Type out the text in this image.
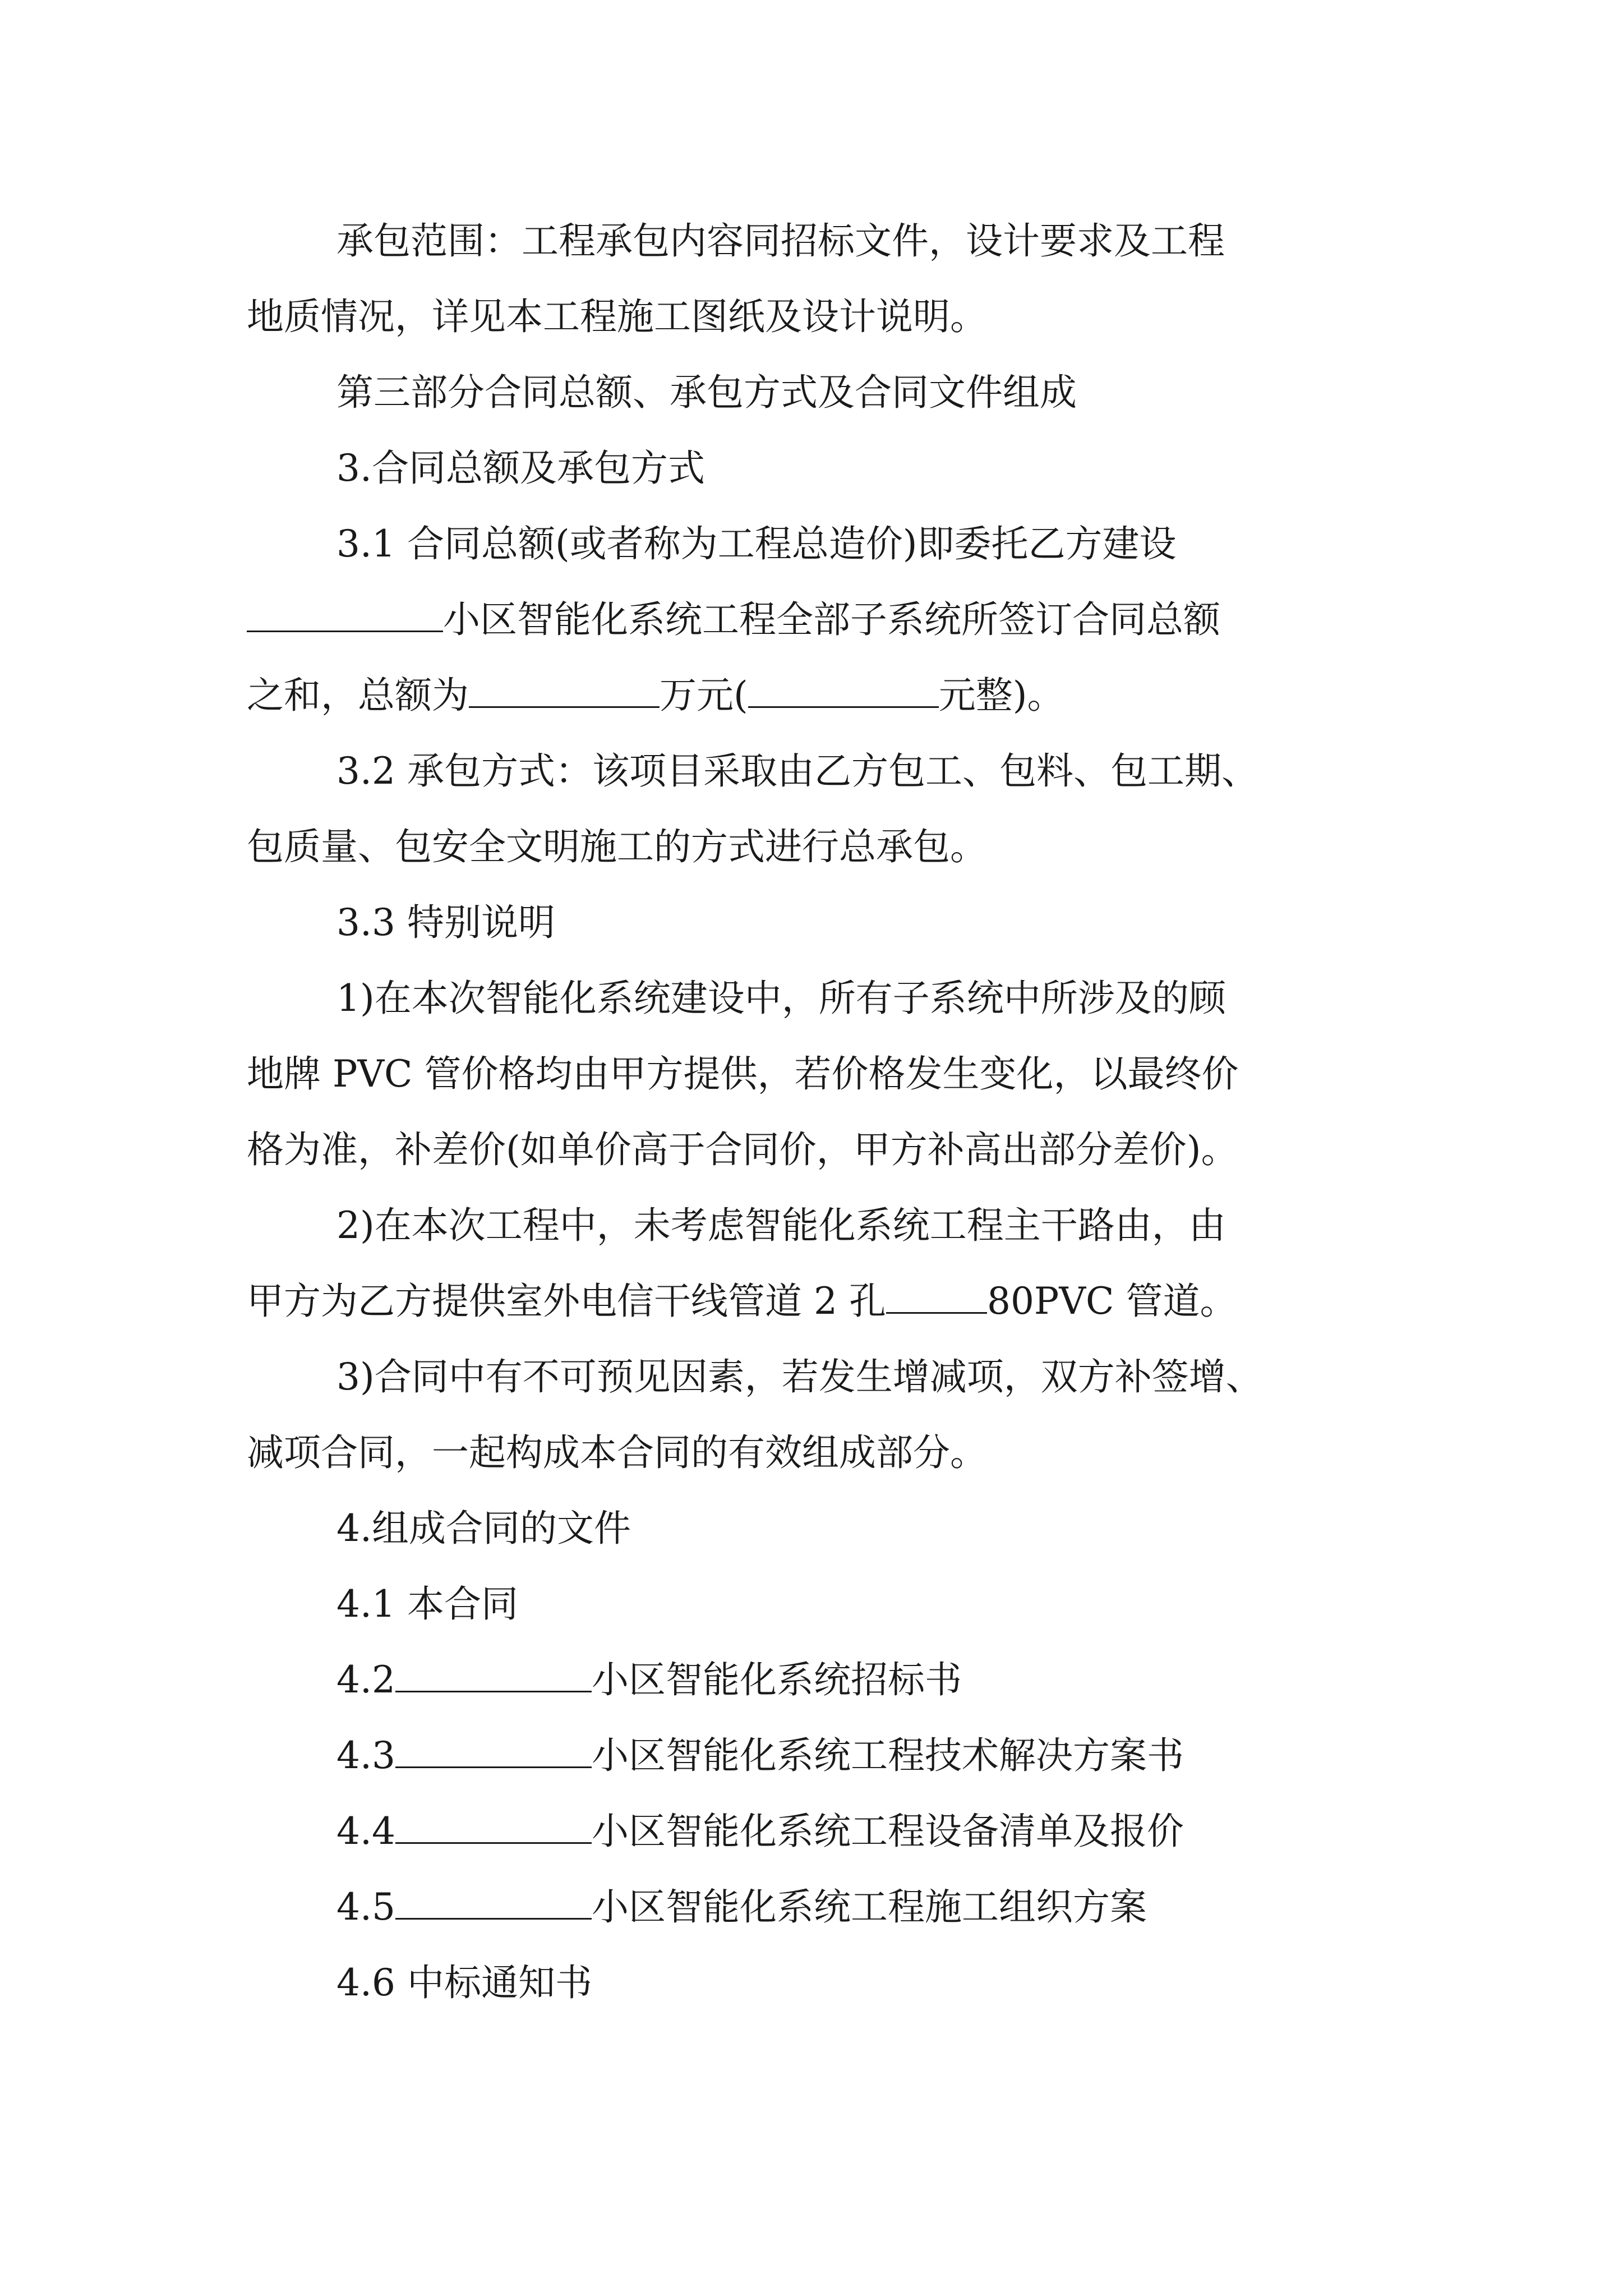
承包范围：工程承包内容同招标文件，设计要求及工程
地质情况，详见本工程施工图纸及设计说明。
第三部分合同总额、承包方式及合同文件组成
3.合同总额及承包方式
3.1 合同总额(或者称为工程总造价)即委托乙方建设
小区智能化系统工程全部子系统所签订合同总额
之和，总额为	万元(	元整)。
3.2 承包方式：该项目采取由乙方包工、包料、包工期、
包质量、包安全文明施工的方式进行总承包。
3.3 特别说明
1)在本次智能化系统建设中，所有子系统中所涉及的顾
地牌 PVC 管价格均由甲方提供，若价格发生变化，以最终价
格为准，补差价(如单价高于合同价，甲方补高出部分差价)。
2)在本次工程中，未考虑智能化系统工程主干路由，由
甲方为乙方提供室外电信干线管道 2 孔	80PVC 管道。
3)合同中有不可预见因素，若发生增减项，双方补签增、
减项合同，一起构成本合同的有效组成部分。
4.组成合同的文件
4.1 本合同
4.2	小区智能化系统招标书
4.3	小区智能化系统工程技术解决方案书
4.4	小区智能化系统工程设备清单及报价
4.5	小区智能化系统工程施工组织方案
4.6 中标通知书
